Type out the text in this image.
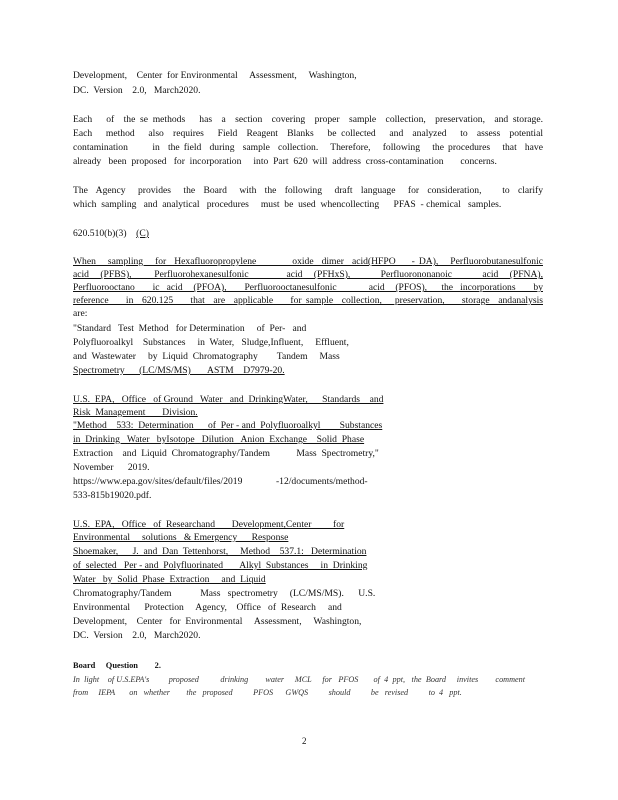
Development,    Center  for Environmental     Assessment,     Washington,
DC.  Version    2.0,   March2020.
Each   of  the se methods   has  a  section  covering  proper  sample  collection,  preservation,  and storage.
Each   method   also  requires   Field  Reagent  Blanks   be collected   and  analyzed   to  assess  potential
contamination      in  the field  during  sample  collection.   Therefore,   following   the procedures   that  have
already   been  proposed   for  incorporation     into  Part  620  will  address  cross-contamination       concerns.
The  Agency   provides   the  Board   with  the  following   draft  language   for  consideration,     to  clarify
which  sampling   and  analytical   procedures     must  be  used  whencollecting      PFAS  - chemical   samples.
620.510(b)(3) (C)
When   sampling   for  Hexafluoropropylene         oxide  dimer  acid(HFPO    - DA),   Perfluorobutanesulfonic
acid   (PFBS),      Perfluorohexanesulfonic          acid   (PFHxS),        Perfluorononanoic        acid   (PFNA),
Perfluorooctano     ic  acid   (PFOA),     Perfluorooctanesulfonic         acid   (PFOS),    the  incorporations     by
reference    in  620.125    that  are  applicable    for sample  collection,   preservation,    storage  andanalysis
are:
"Standard   Test  Method   for Determination     of  Per-   and
Polyfluoroalkyl    Substances     in  Water,   Sludge,Influent,     Effluent,
and  Wastewater     by  Liquid  Chromatography        Tandem     Mass
Spectrometry      (LC/MS/MS)       ASTM    D7979-20.
U.S.  EPA,   Office   of Ground   Water   and  DrinkingWater,      Standards    and
Risk  Management       Division.
"Method    533:  Determination      of  Per - and  Polyfluoroalkyl        Substances
in  Drinking   Water   byIsotope   Dilution   Anion  Exchange    Solid  Phase
Extraction    and  Liquid  Chromatography/Tandem           Mass  Spectrometry,"
November      2019.
https://www.epa.gov/sites/default/files/2019              -12/documents/method-
533-815b19020.pdf.
U.S.  EPA,   Office   of  Researchand       Development,Center         for
Environmental     solutions   & Emergency      Response
Shoemaker,      J.  and  Dan  Tettenhorst,     Method    537.1:   Determination
of  selected   Per - and  Polyfluorinated       Alkyl  Substances     in  Drinking
Water   by  Solid  Phase  Extraction     and  Liquid
Chromatography/Tandem            Mass   spectrometry     (LC/MS/MS).      U.S.
Environmental      Protection     Agency,    Office   of  Research     and
Development,    Center   for  Environmental     Assessment,     Washington,
DC.  Version    2.0,   March2020.
Board     Question        2.
In  light    of U.S.EPA's         proposed          drinking        water     MCL     for   PFOS       of  4  ppt,   the  Board     invites        comment
from     IEPA       on   whether        the   proposed          PFOS      GWQS          should          be   revised          to  4   ppt.
2
